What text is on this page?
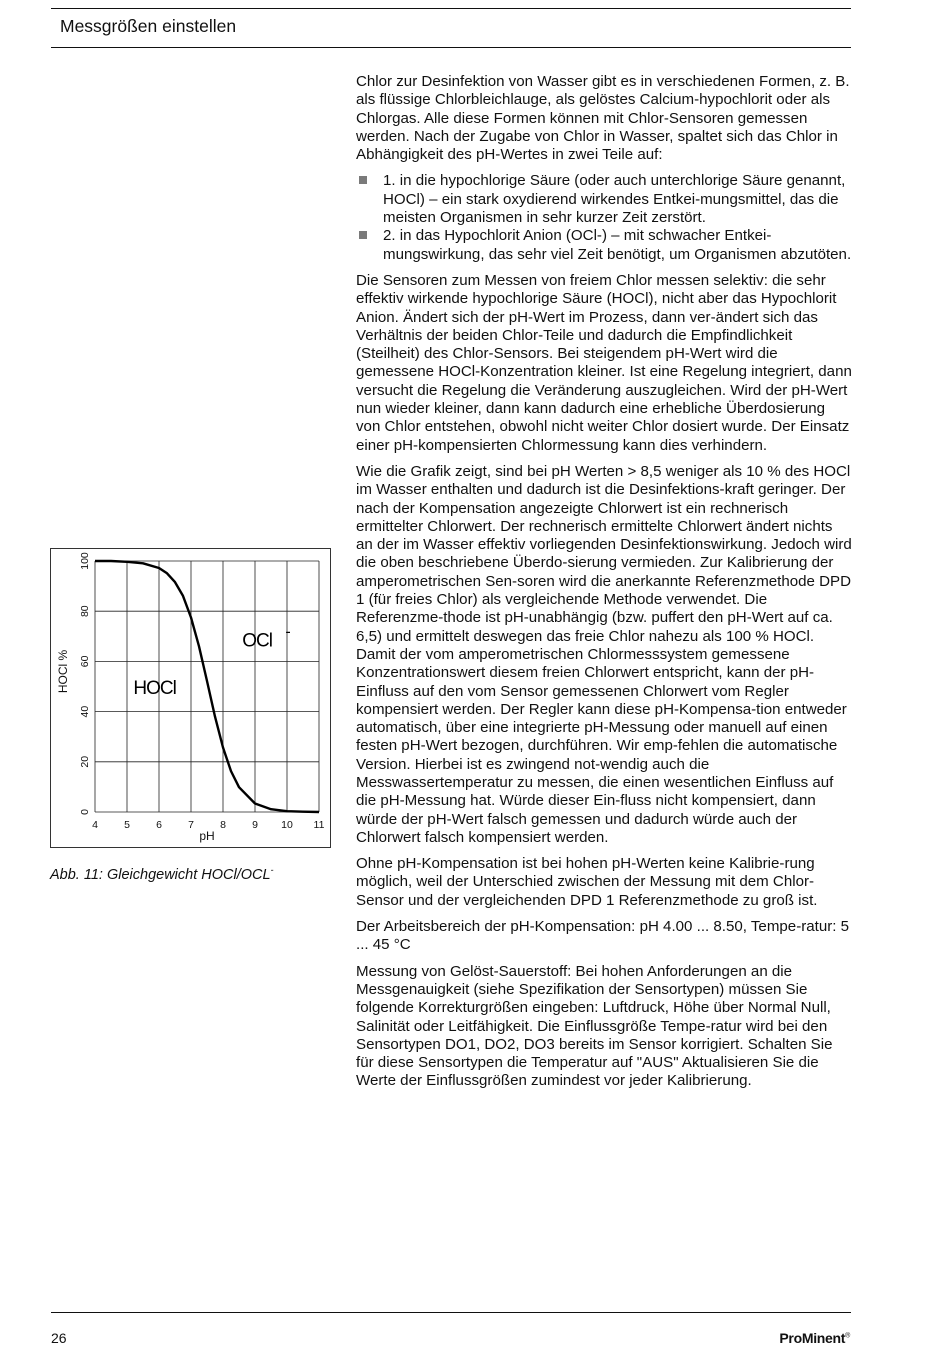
Messgrößen einstellen

Chlor zur Desinfektion von Wasser gibt es in verschiedenen Formen, z. B. als flüssige Chlorbleichlauge, als gelöstes Calcium-hypochlorit oder als Chlorgas. Alle diese Formen können mit Chlor-Sensoren gemessen werden. Nach der Zugabe von Chlor in Wasser, spaltet sich das Chlor in Abhängigkeit des pH-Wertes in zwei Teile auf:

1. in die hypochlorige Säure (oder auch unterchlorige Säure genannt, HOCl) – ein stark oxydierend wirkendes Entkei-mungsmittel, das die meisten Organismen in sehr kurzer Zeit zerstört.
2. in das Hypochlorit Anion (OCl-) – mit schwacher Entkei-mungswirkung, das sehr viel Zeit benötigt, um Organismen abzutöten.

Die Sensoren zum Messen von freiem Chlor messen selektiv: die sehr effektiv wirkende hypochlorige Säure (HOCl), nicht aber das Hypochlorit Anion. Ändert sich der pH-Wert im Prozess, dann ver-ändert sich das Verhältnis der beiden Chlor-Teile und dadurch die Empfindlichkeit (Steilheit) des Chlor-Sensors. Bei steigendem pH-Wert wird die gemessene HOCl-Konzentration kleiner. Ist eine Regelung integriert, dann versucht die Regelung die Veränderung auszugleichen. Wird der pH-Wert nun wieder kleiner, dann kann dadurch eine erhebliche Überdosierung von Chlor entstehen, obwohl nicht weiter Chlor dosiert wurde. Der Einsatz einer pH-kompensierten Chlormessung kann dies verhindern.

Wie die Grafik zeigt, sind bei pH Werten > 8,5 weniger als 10 % des HOCl im Wasser enthalten und dadurch ist die Desinfektions-kraft geringer. Der nach der Kompensation angezeigte Chlorwert ist ein rechnerisch ermittelter Chlorwert. Der rechnerisch ermittelte Chlorwert ändert nichts an der im Wasser effektiv vorliegenden Desinfektionswirkung. Jedoch wird die oben beschriebene Überdo-sierung vermieden. Zur Kalibrierung der amperometrischen Sen-soren wird die anerkannte Referenzmethode DPD 1 (für freies Chlor) als vergleichende Methode verwendet. Die Referenzme-thode ist pH-unabhängig (bzw. puffert den pH-Wert auf ca. 6,5) und ermittelt deswegen das freie Chlor nahezu als 100 % HOCl. Damit der vom amperometrischen Chlormesssystem gemessene Konzentrationswert diesem freien Chlorwert entspricht, kann der pH-Einfluss auf den vom Sensor gemessenen Chlorwert vom Regler kompensiert werden. Der Regler kann diese pH-Kompensa-tion entweder automatisch, über eine integrierte pH-Messung oder manuell auf einen festen pH-Wert bezogen, durchführen. Wir emp-fehlen die automatische Version. Hierbei ist es zwingend not-wendig auch die Messwassertemperatur zu messen, die einen wesentlichen Einfluss auf die pH-Messung hat. Würde dieser Ein-fluss nicht kompensiert, dann würde der pH-Wert falsch gemessen und dadurch würde auch der Chlorwert falsch kompensiert werden.

Ohne pH-Kompensation ist bei hohen pH-Werten keine Kalibrie-rung möglich, weil der Unterschied zwischen der Messung mit dem Chlor-Sensor und der vergleichenden DPD 1 Referenzmethode zu groß ist.

Der Arbeitsbereich der pH-Kompensation: pH 4.00 ... 8.50, Tempe-ratur: 5 ... 45 °C

Messung von Gelöst-Sauerstoff: Bei hohen Anforderungen an die Messgenauigkeit (siehe Spezifikation der Sensortypen) müssen Sie folgende Korrekturgrößen eingeben: Luftdruck, Höhe über Normal Null, Salinität oder Leitfähigkeit. Die Einflussgröße Tempe-ratur wird bei den Sensortypen DO1, DO2, DO3 bereits im Sensor korrigiert. Schalten Sie für diese Sensortypen die Temperatur auf "AUS" Aktualisieren Sie die Werte der Einflussgrößen zumindest vor jeder Kalibrierung.

4 5 6 7 8 9 10 11
0
20
40
60
80
100
pH
HOCl %	HOCl
OCl -
Abb. 11: Gleichgewicht HOCl/OCL-
26	ProMinent®
